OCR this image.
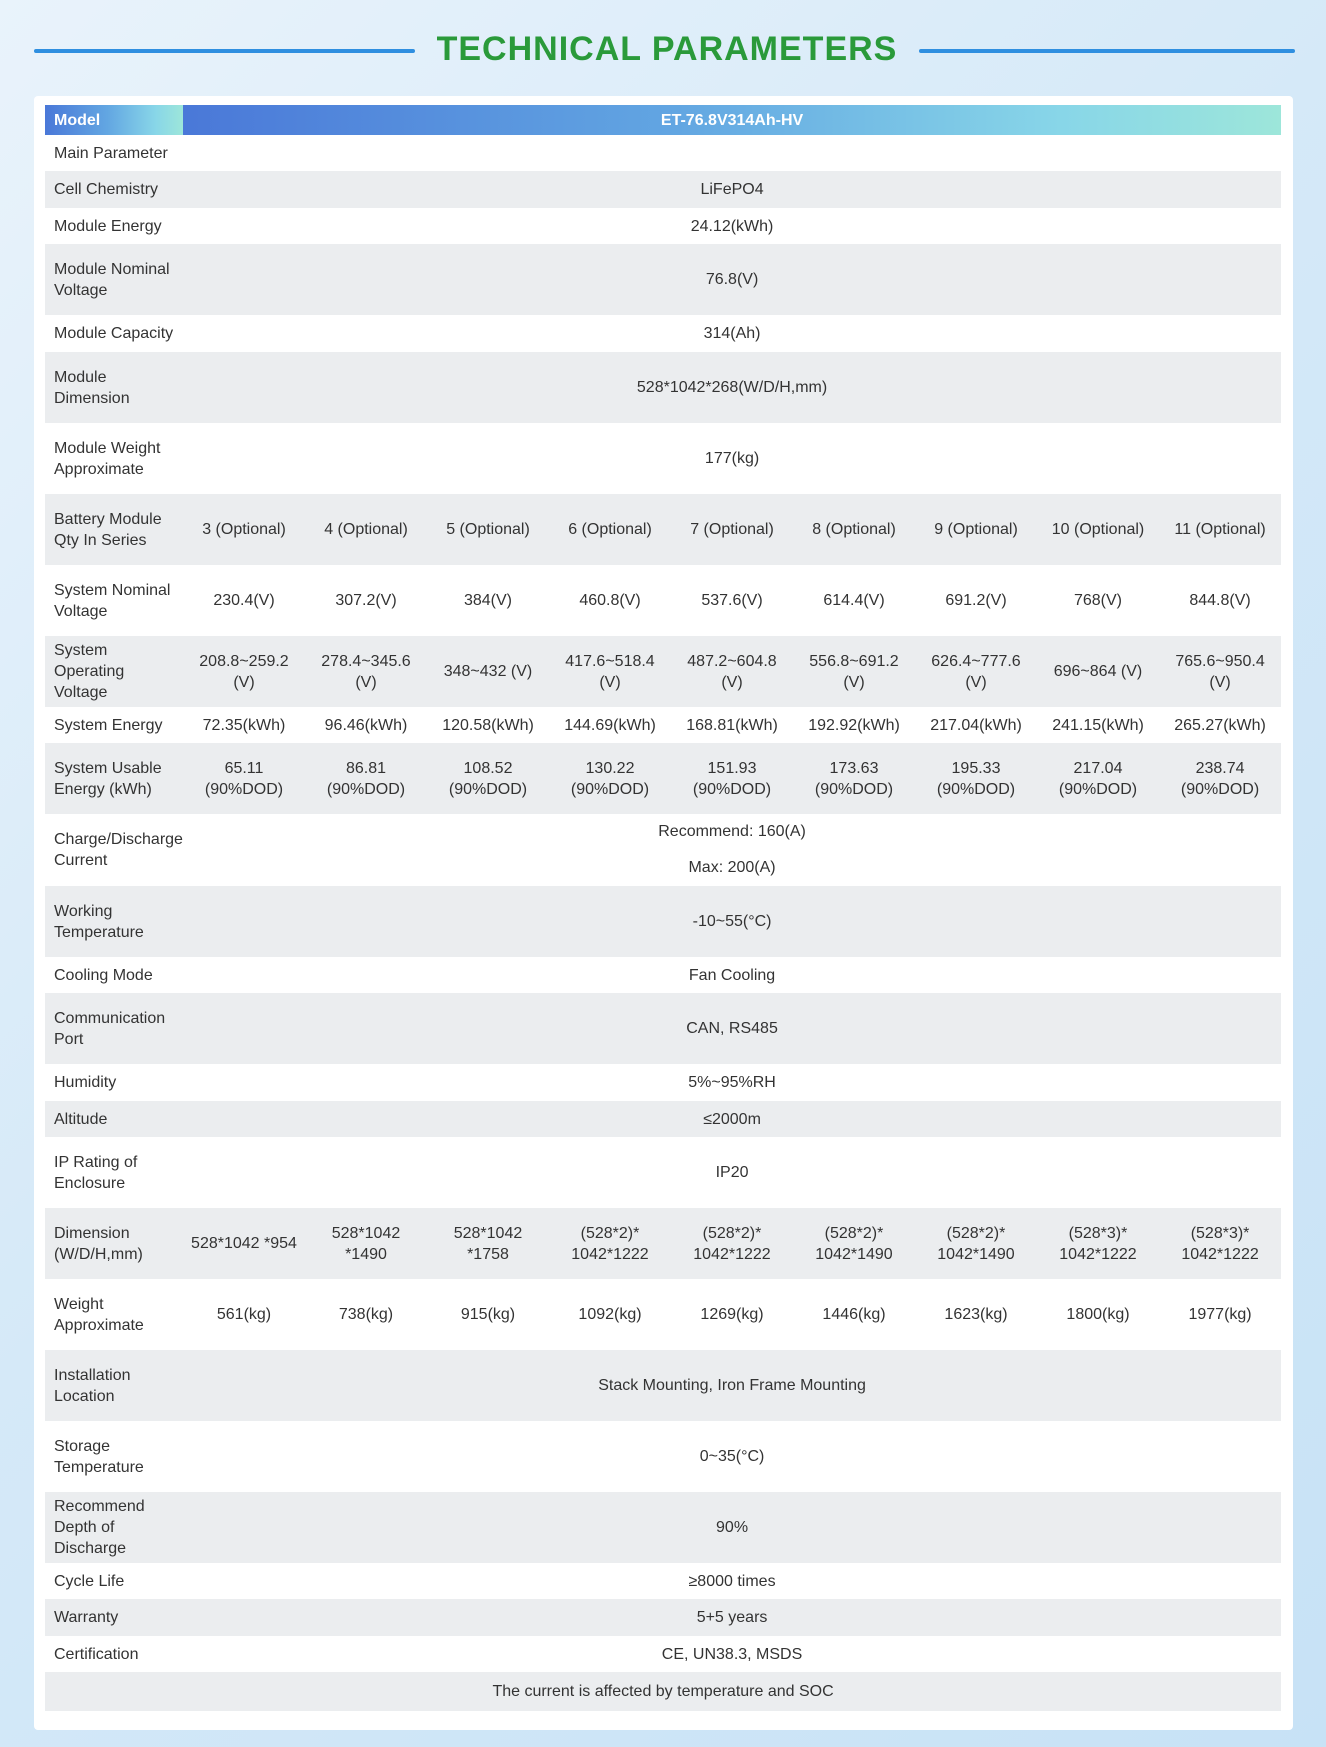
TECHNICAL PARAMETERS
Model	ET-76.8V314Ah-HV								
Main Parameter									
Cell Chemistry	LiFePO4								
Module Energy	24.12(kWh)								
Module Nominal Voltage	76.8(V)								
Module Capacity	314(Ah)								
Module Dimension	528*1042*268(W/D/H,mm)								
Module Weight Approximate	177(kg)								
Battery Module Qty In Series	3 (Optional)	4 (Optional)	5 (Optional)	6 (Optional)	7 (Optional)	8 (Optional)	9 (Optional)	10 (Optional)	11 (Optional)
System Nominal Voltage	230.4(V)	307.2(V)	384(V)	460.8(V)	537.6(V)	614.4(V)	691.2(V)	768(V)	844.8(V)
System Operating Voltage	208.8~259.2 (V)	278.4~345.6 (V)	348~432 (V)	417.6~518.4 (V)	487.2~604.8 (V)	556.8~691.2 (V)	626.4~777.6 (V)	696~864 (V)	765.6~950.4 (V)
System Energy	72.35(kWh)	96.46(kWh)	120.58(kWh)	144.69(kWh)	168.81(kWh)	192.92(kWh)	217.04(kWh)	241.15(kWh)	265.27(kWh)
System Usable Energy (kWh)	65.11 (90%DOD)	86.81 (90%DOD)	108.52 (90%DOD)	130.22 (90%DOD)	151.93 (90%DOD)	173.63 (90%DOD)	195.33 (90%DOD)	217.04 (90%DOD)	238.74 (90%DOD)
Charge/Discharge Current	Recommend: 160(A)
Max: 200(A)								

Working Temperature	-10~55(°C)								
Cooling Mode	Fan Cooling								
Communication Port	CAN, RS485								
Humidity	5%~95%RH								
Altitude	≤2000m								
IP Rating of Enclosure	IP20								
Dimension (W/D/H,mm)	528*1042 *954	528*1042 *1490	528*1042 *1758	(528*2)* 1042*1222	(528*2)* 1042*1222	(528*2)* 1042*1490	(528*2)* 1042*1490	(528*3)* 1042*1222	(528*3)* 1042*1222
Weight Approximate	561(kg)	738(kg)	915(kg)	1092(kg)	1269(kg)	1446(kg)	1623(kg)	1800(kg)	1977(kg)
Installation Location	Stack Mounting, Iron Frame Mounting								
Storage Temperature	0~35(°C)								
Recommend Depth of Discharge	90%								
Cycle Life	≥8000 times								
Warranty	5+5 years								
Certification	CE, UN38.3, MSDS								
The current is affected by temperature and SOC									
